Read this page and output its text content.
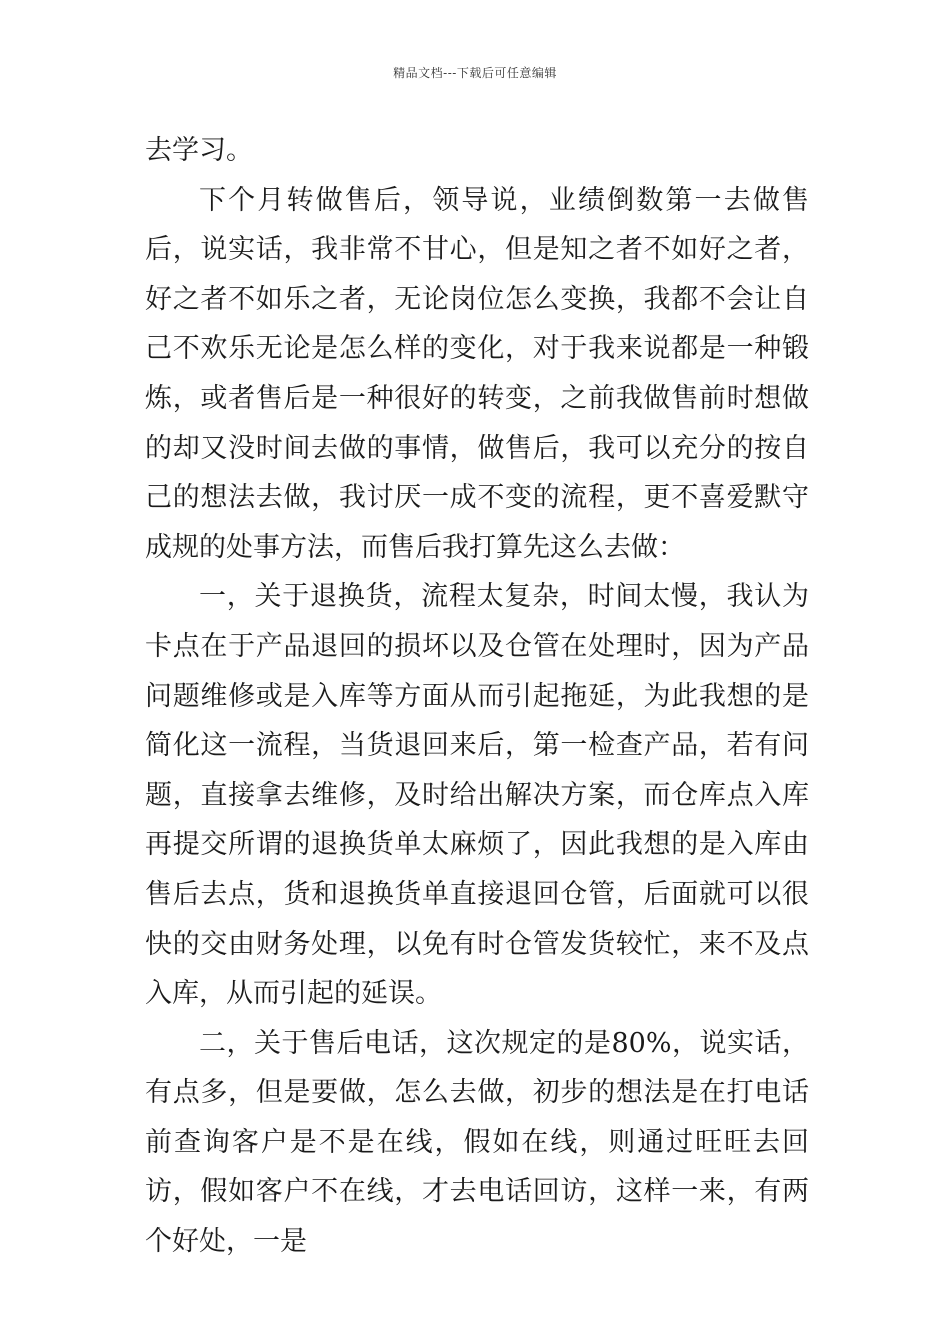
精品文档---下载后可任意编辑

去学习。

下个月转做售后，领导说，业绩倒数第一去做售后，说实话，我非常不甘心，但是知之者不如好之者，好之者不如乐之者，无论岗位怎么变换，我都不会让自己不欢乐无论是怎么样的变化，对于我来说都是一种锻炼，或者售后是一种很好的转变，之前我做售前时想做的却又没时间去做的事情，做售后，我可以充分的按自己的想法去做，我讨厌一成不变的流程，更不喜爱默守成规的处事方法，而售后我打算先这么去做：

一，关于退换货，流程太复杂，时间太慢，我认为卡点在于产品退回的损坏以及仓管在处理时，因为产品问题维修或是入库等方面从而引起拖延，为此我想的是简化这一流程，当货退回来后，第一检查产品，若有问题，直接拿去维修，及时给出解决方案，而仓库点入库再提交所谓的退换货单太麻烦了，因此我想的是入库由售后去点，货和退换货单直接退回仓管，后面就可以很快的交由财务处理，以免有时仓管发货较忙，来不及点入库，从而引起的延误。

二，关于售后电话，这次规定的是80%，说实话，有点多，但是要做，怎么去做，初步的想法是在打电话前查询客户是不是在线，假如在线，则通过旺旺去回访，假如客户不在线，才去电话回访，这样一来，有两个好处，一是
